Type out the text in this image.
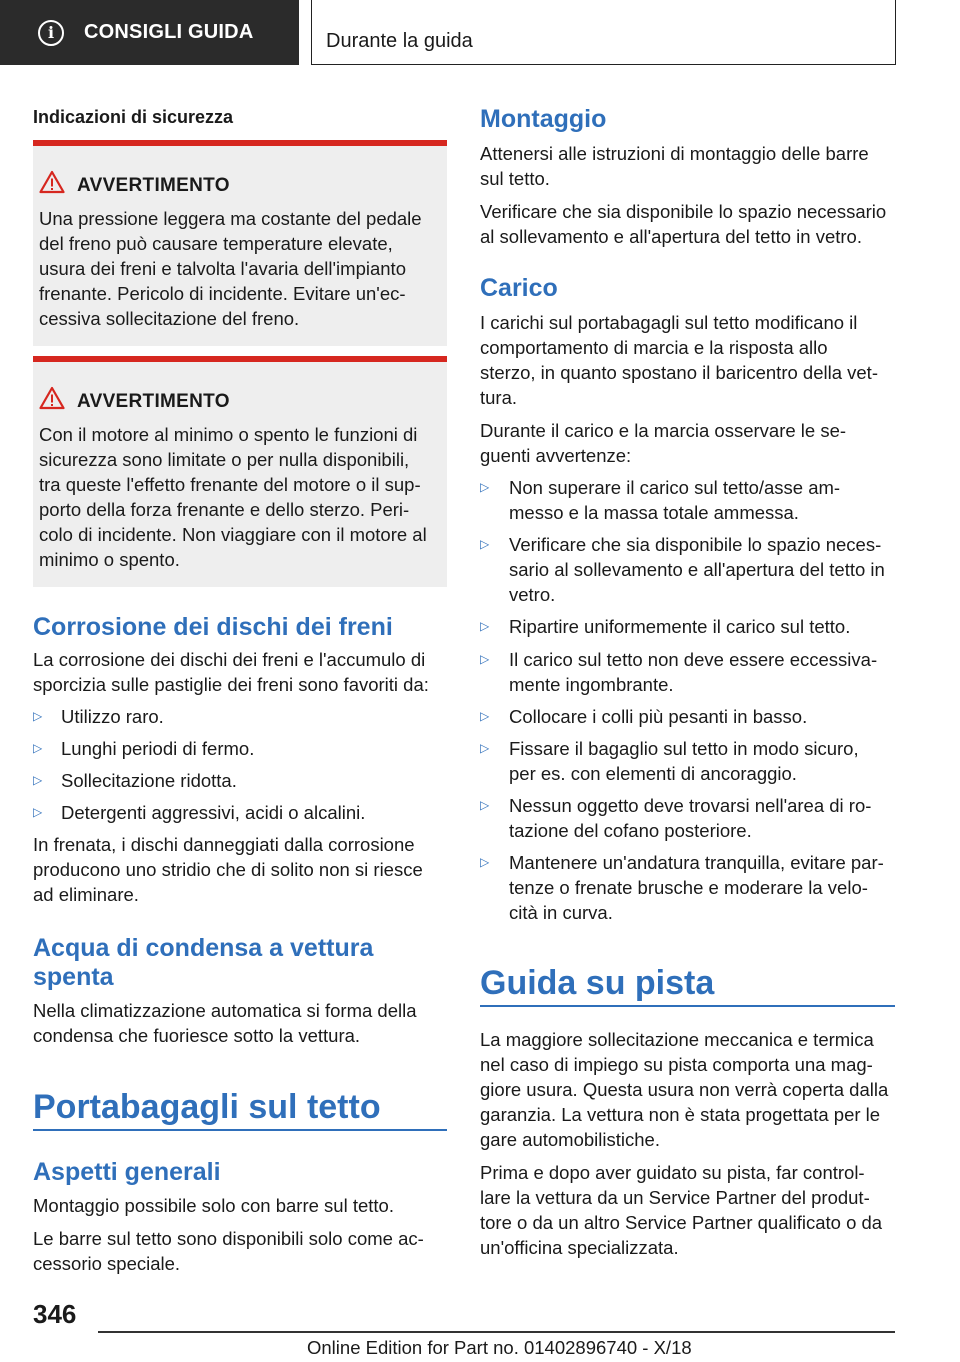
i	CONSIGLI GUIDA	Durante la guida
Indicazioni di sicurezza
AVVERTIMENTO
Una pressione leggera ma costante del pedale
del freno può causare temperature elevate,
usura dei freni e talvolta l'avaria dell'impianto
frenante. Pericolo di incidente. Evitare un'ec-
cessiva sollecitazione del freno.
AVVERTIMENTO
Con il motore al minimo o spento le funzioni di
sicurezza sono limitate o per nulla disponibili,
tra queste l'effetto frenante del motore o il sup-
porto della forza frenante e dello sterzo. Peri-
colo di incidente. Non viaggiare con il motore al
minimo o spento.
Corrosione dei dischi dei freni
La corrosione dei dischi dei freni e l'accumulo di
sporcizia sulle pastiglie dei freni sono favoriti da:
▷ Utilizzo raro.
▷ Lunghi periodi di fermo.
▷ Sollecitazione ridotta.
▷ Detergenti aggressivi, acidi o alcalini.
In frenata, i dischi danneggiati dalla corrosione
producono uno stridio che di solito non si riesce
ad eliminare.
Acqua di condensa a vettura
spenta
Nella climatizzazione automatica si forma della
condensa che fuoriesce sotto la vettura.
Portabagagli sul tetto
Aspetti generali
Montaggio possibile solo con barre sul tetto.
Le barre sul tetto sono disponibili solo come ac-
cessorio speciale.
Montaggio
Attenersi alle istruzioni di montaggio delle barre
sul tetto.
Verificare che sia disponibile lo spazio necessario
al sollevamento e all'apertura del tetto in vetro.
Carico
I carichi sul portabagagli sul tetto modificano il
comportamento di marcia e la risposta allo
sterzo, in quanto spostano il baricentro della vet-
tura.
Durante il carico e la marcia osservare le se-
guenti avvertenze:
▷ Non superare il carico sul tetto/asse am-
messo e la massa totale ammessa.
▷ Verificare che sia disponibile lo spazio neces-
sario al sollevamento e all'apertura del tetto in
vetro.
▷ Ripartire uniformemente il carico sul tetto.
▷ Il carico sul tetto non deve essere eccessiva-
mente ingombrante.
▷ Collocare i colli più pesanti in basso.
▷ Fissare il bagaglio sul tetto in modo sicuro,
per es. con elementi di ancoraggio.
▷ Nessun oggetto deve trovarsi nell'area di ro-
tazione del cofano posteriore.
▷ Mantenere un'andatura tranquilla, evitare par-
tenze o frenate brusche e moderare la velo-
cità in curva.
Guida su pista
La maggiore sollecitazione meccanica e termica
nel caso di impiego su pista comporta una mag-
giore usura. Questa usura non verrà coperta dalla
garanzia. La vettura non è stata progettata per le
gare automobilistiche.
Prima e dopo aver guidato su pista, far control-
lare la vettura da un Service Partner del produt-
tore o da un altro Service Partner qualificato o da
un'officina specializzata.
346
Online Edition for Part no. 01402896740 - X/18
